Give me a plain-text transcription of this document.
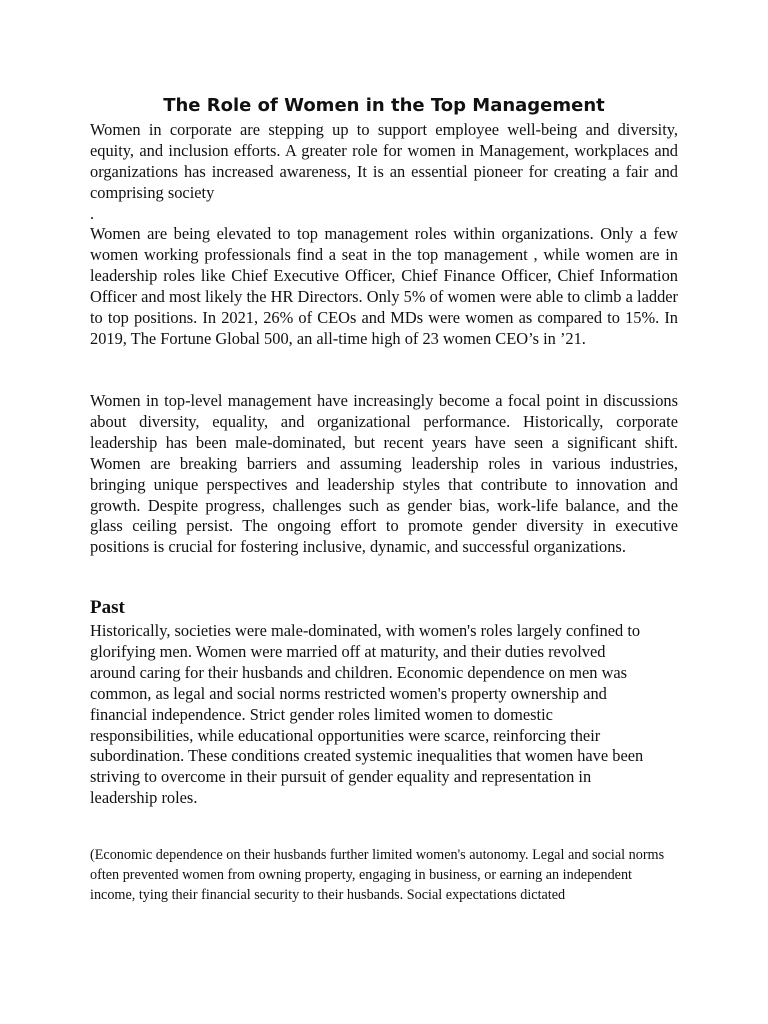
The Role of Women in the Top Management

Women in corporate are stepping up to support employee well-being and diversity, equity, and inclusion efforts. A greater role for women in Management, workplaces and organizations has increased awareness, It is an essential pioneer for creating a fair and comprising society

.

Women are being elevated to top management roles within organizations. Only a few women working professionals find a seat in the top management , while women are in leadership roles like Chief Executive Officer, Chief Finance Officer, Chief Information Officer and most likely the HR Directors. Only 5% of women were able to climb a ladder to top positions. In 2021, 26% of CEOs and MDs were women as compared to 15%. In 2019, The Fortune Global 500, an all-time high of 23 women CEO’s in ’21.

Women in top-level management have increasingly become a focal point in discussions about diversity, equality, and organizational performance. Historically, corporate leadership has been male-dominated, but recent years have seen a significant shift. Women are breaking barriers and assuming leadership roles in various industries, bringing unique perspectives and leadership styles that contribute to innovation and growth. Despite progress, challenges such as gender bias, work-life balance, and the glass ceiling persist. The ongoing effort to promote gender diversity in executive positions is crucial for fostering inclusive, dynamic, and successful organizations.

Past

Historically, societies were male-dominated, with women's roles largely confined to glorifying men. Women were married off at maturity, and their duties revolved around caring for their husbands and children. Economic dependence on men was common, as legal and social norms restricted women's property ownership and financial independence. Strict gender roles limited women to domestic responsibilities, while educational opportunities were scarce, reinforcing their subordination. These conditions created systemic inequalities that women have been striving to overcome in their pursuit of gender equality and representation in leadership roles.

(Economic dependence on their husbands further limited women's autonomy. Legal and social norms often prevented women from owning property, engaging in business, or earning an independent income, tying their financial security to their husbands. Social expectations dictated
